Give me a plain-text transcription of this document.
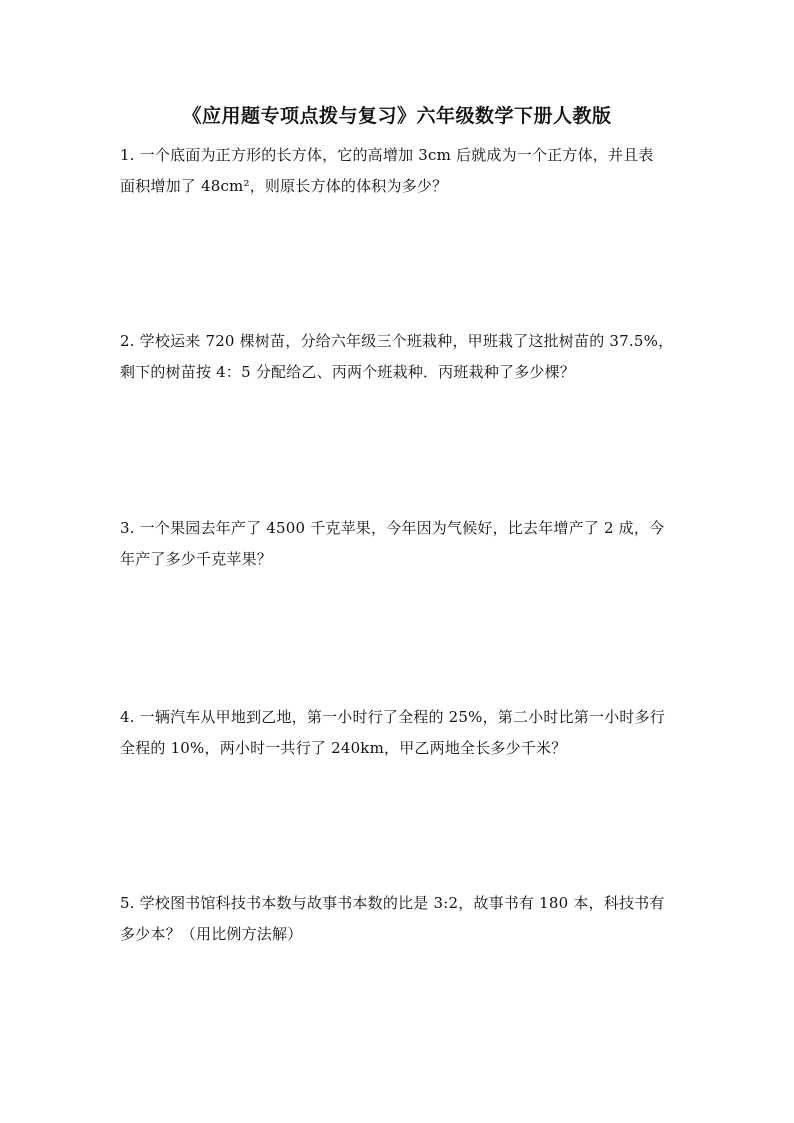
《应用题专项点拨与复习》六年级数学下册人教版
1. 一个底面为正方形的长方体，它的高增加 3cm 后就成为一个正方体，并且表
面积增加了 48cm²，则原长方体的体积为多少？
2. 学校运来 720 棵树苗，分给六年级三个班栽种，甲班栽了这批树苗的 37.5%，
剩下的树苗按 4：5 分配给乙、丙两个班栽种．丙班栽种了多少棵？
3. 一个果园去年产了 4500 千克苹果，今年因为气候好，比去年增产了 2 成，今
年产了多少千克苹果？
4. 一辆汽车从甲地到乙地，第一小时行了全程的 25%，第二小时比第一小时多行
全程的 10%，两小时一共行了 240km，甲乙两地全长多少千米？
5. 学校图书馆科技书本数与故事书本数的比是 3:2，故事书有 180 本，科技书有
多少本？（用比例方法解）
